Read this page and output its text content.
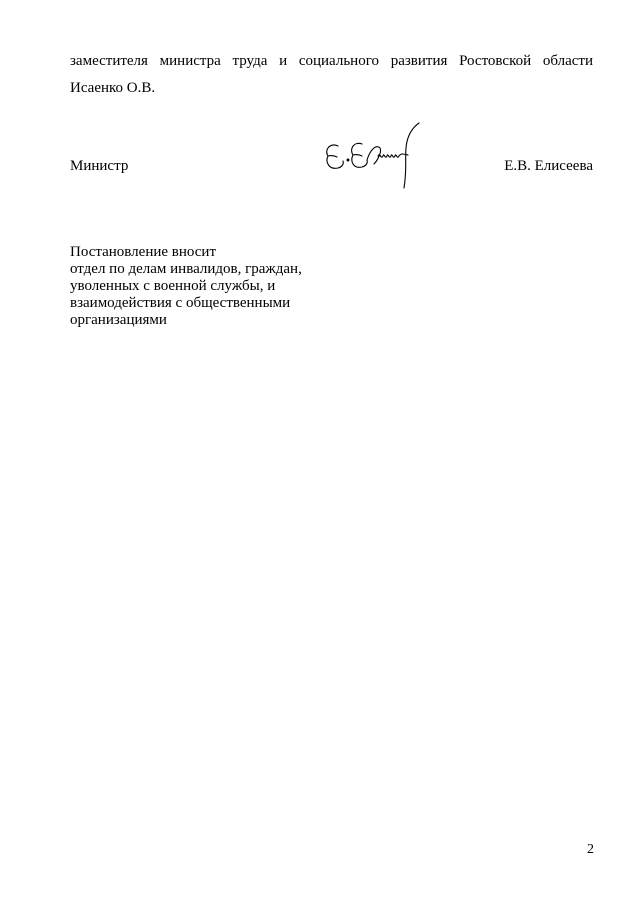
заместителя министра труда и социального развития Ростовской области
Исаенко О.В.
Министр	Е.В. Елисеева
Постановление вносит
отдел по делам инвалидов, граждан,
уволенных с военной службы, и
взаимодействия с общественными
организациями
2
